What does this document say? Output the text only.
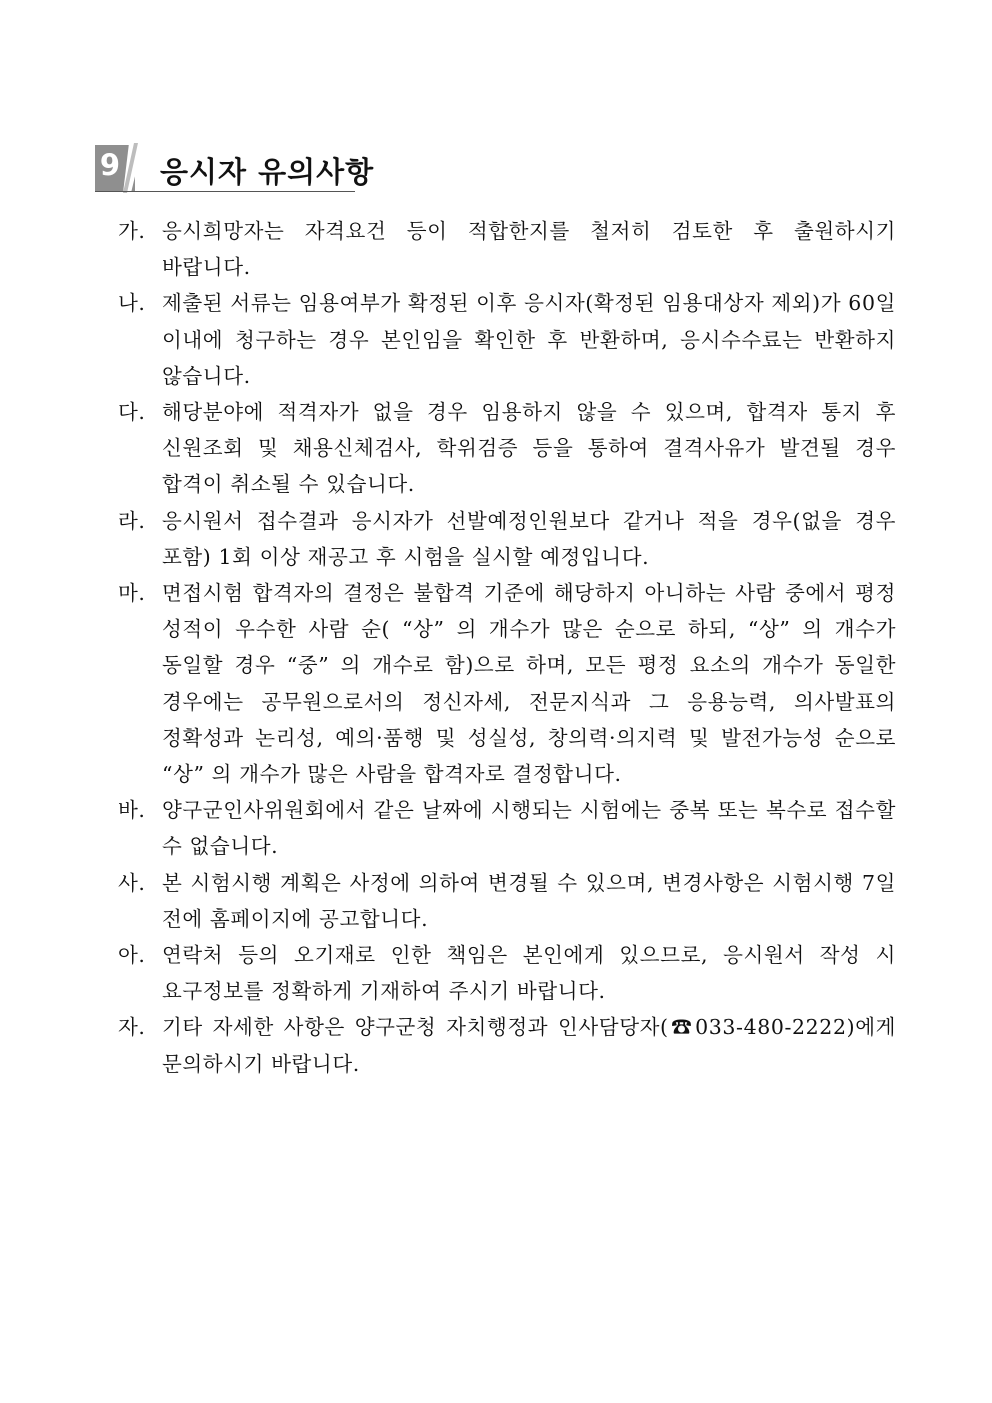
9 응시자 유의사항
가. 응시희망자는 자격요건 등이 적합한지를 철저히 검토한 후 출원하시기 바랍니다.
나. 제출된 서류는 임용여부가 확정된 이후 응시자(확정된 임용대상자 제외)가 60일 이내에 청구하는 경우 본인임을 확인한 후 반환하며, 응시수수료는 반환하지 않습니다.
다. 해당분야에 적격자가 없을 경우 임용하지 않을 수 있으며, 합격자 통지 후 신원조회 및 채용신체검사, 학위검증 등을 통하여 결격사유가 발견될 경우 합격이 취소될 수 있습니다.
라. 응시원서 접수결과 응시자가 선발예정인원보다 같거나 적을 경우(없을 경우 포함) 1회 이상 재공고 후 시험을 실시할 예정입니다.
마. 면접시험 합격자의 결정은 불합격 기준에 해당하지 아니하는 사람 중에서 평정 성적이 우수한 사람 순( “상” 의 개수가 많은 순으로 하되, “상” 의 개수가 동일할 경우 “중” 의 개수로 함)으로 하며, 모든 평정 요소의 개수가 동일한 경우에는 공무원으로서의 정신자세, 전문지식과 그 응용능력, 의사발표의 정확성과 논리성, 예의·품행 및 성실성, 창의력·의지력 및 발전가능성 순으로 “상” 의 개수가 많은 사람을 합격자로 결정합니다.
바. 양구군인사위원회에서 같은 날짜에 시행되는 시험에는 중복 또는 복수로 접수할 수 없습니다.
사. 본 시험시행 계획은 사정에 의하여 변경될 수 있으며, 변경사항은 시험시행 7일 전에 홈페이지에 공고합니다.
아. 연락처 등의 오기재로 인한 책임은 본인에게 있으므로, 응시원서 작성 시 요구정보를 정확하게 기재하여 주시기 바랍니다.
자. 기타 자세한 사항은 양구군청 자치행정과 인사담당자(☎033-480-2222)에게 문의하시기 바랍니다.
